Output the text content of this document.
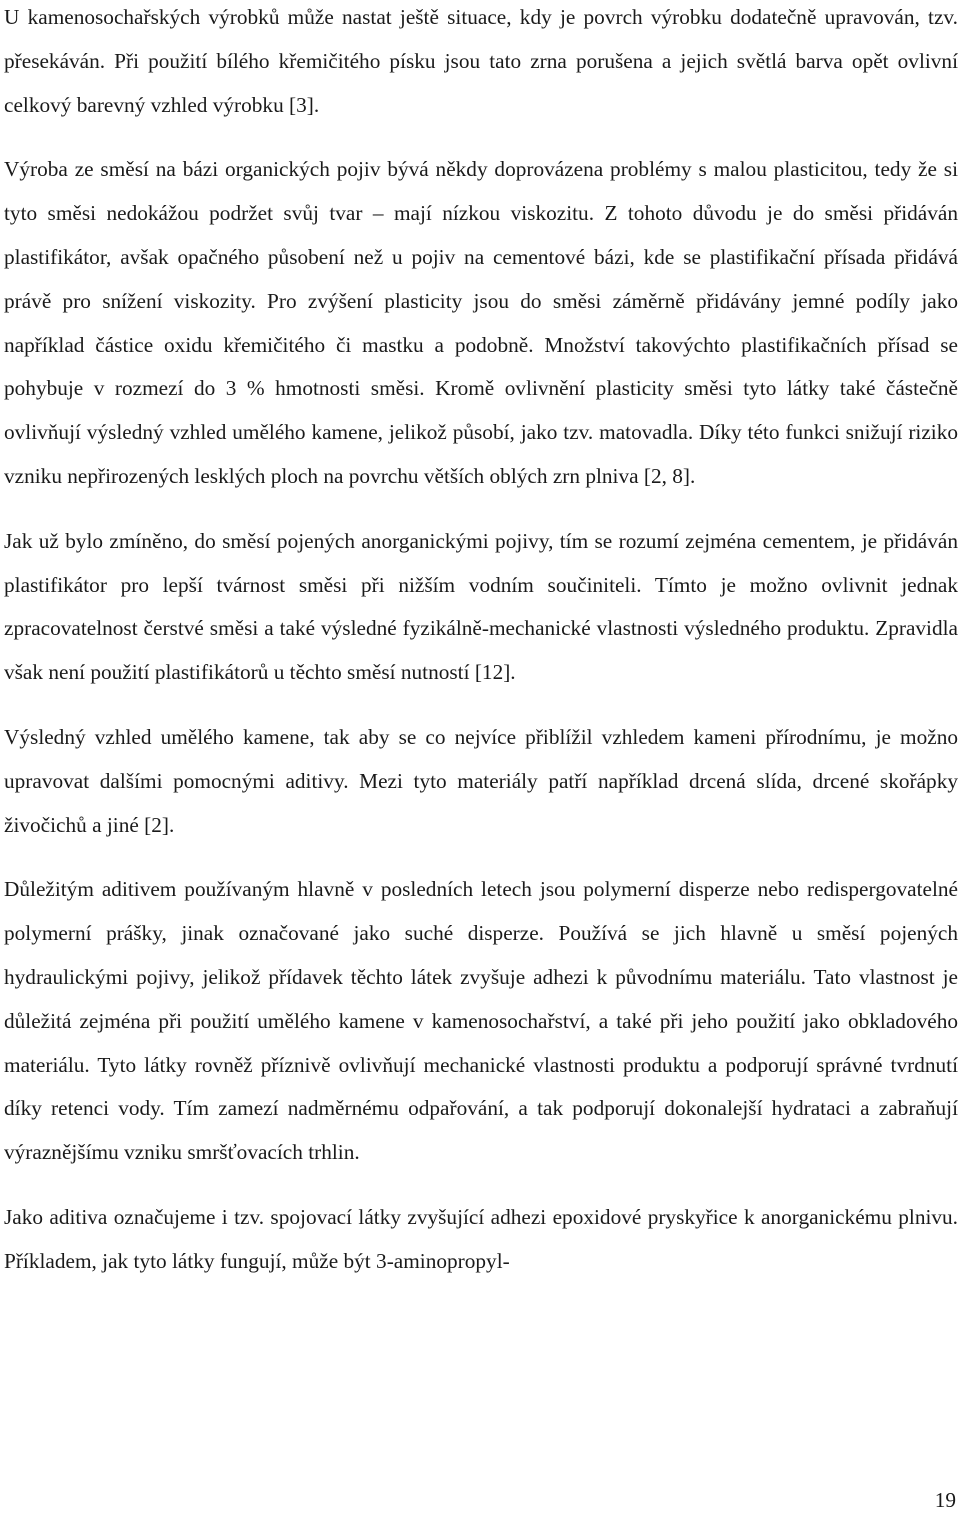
U kamenosochařských výrobků může nastat ještě situace, kdy je povrch výrobku dodatečně upravován, tzv. přesekáván. Při použití bílého křemičitého písku jsou tato zrna porušena a jejich světlá barva opět ovlivní celkový barevný vzhled výrobku [3].

Výroba ze směsí na bázi organických pojiv bývá někdy doprovázena problémy s malou plasticitou, tedy že si tyto směsi nedokážou podržet svůj tvar – mají nízkou viskozitu. Z tohoto důvodu je do směsi přidáván plastifikátor, avšak opačného působení než u pojiv na cementové bázi, kde se plastifikační přísada přidává právě pro snížení viskozity. Pro zvýšení plasticity jsou do směsi záměrně přidávány jemné podíly jako například částice oxidu křemičitého či mastku a podobně. Množství takovýchto plastifikačních přísad se pohybuje v rozmezí do 3 % hmotnosti směsi. Kromě ovlivnění plasticity směsi tyto látky také částečně ovlivňují výsledný vzhled umělého kamene, jelikož působí, jako tzv. matovadla. Díky této funkci snižují riziko vzniku nepřirozených lesklých ploch na povrchu větších oblých zrn plniva [2, 8].

Jak už bylo zmíněno, do směsí pojených anorganickými pojivy, tím se rozumí zejména cementem, je přidáván plastifikátor pro lepší tvárnost směsi při nižším vodním součiniteli. Tímto je možno ovlivnit jednak zpracovatelnost čerstvé směsi a také výsledné fyzikálně-mechanické vlastnosti výsledného produktu. Zpravidla však není použití plastifikátorů u těchto směsí nutností [12].

Výsledný vzhled umělého kamene, tak aby se co nejvíce přiblížil vzhledem kameni přírodnímu, je možno upravovat dalšími pomocnými aditivy. Mezi tyto materiály patří například drcená slída, drcené skořápky živočichů a jiné [2].

Důležitým aditivem používaným hlavně v posledních letech jsou polymerní disperze nebo redispergovatelné polymerní prášky, jinak označované jako suché disperze. Používá se jich hlavně u směsí pojených hydraulickými pojivy, jelikož přídavek těchto látek zvyšuje adhezi k původnímu materiálu. Tato vlastnost je důležitá zejména při použití umělého kamene v kamenosochařství, a také při jeho použití jako obkladového materiálu. Tyto látky rovněž příznivě ovlivňují mechanické vlastnosti produktu a podporují správné tvrdnutí díky retenci vody. Tím zamezí nadměrnému odpařování, a tak podporují dokonalejší hydrataci a zabraňují výraznějšímu vzniku smršťovacích trhlin.

Jako aditiva označujeme i tzv. spojovací látky zvyšující adhezi epoxidové pryskyřice k anorganickému plnivu. Příkladem, jak tyto látky fungují, může být 3-aminopropyl-

19
